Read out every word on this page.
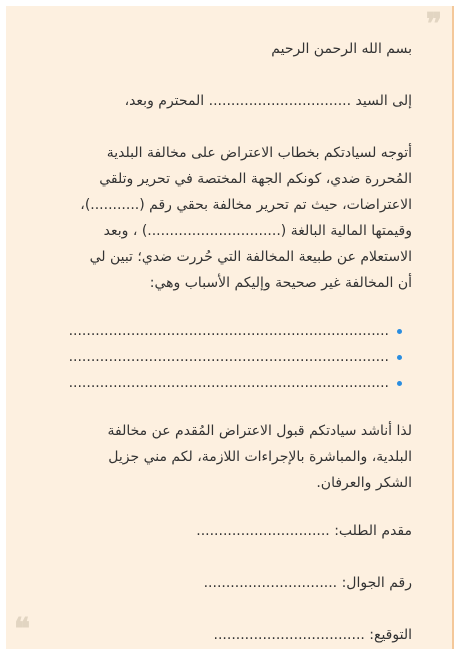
❞
❝
بسم الله الرحمن الرحيم
إلى السيد ................................ المحترم وبعد،
أتوجه لسيادتكم بخطاب الاعتراض على مخالفة البلدية
المُحررة ضدي، كونكم الجهة المختصة في تحرير وتلقي
الاعتراضات، حيث تم تحرير مخالفة بحقي رقم (...........)،
وقيمتها المالية البالغة (..............................) ، وبعد
الاستعلام عن طبيعة المخالفة التي حُررت ضدي؛ تبين لي
أن المخالفة غير صحيحة وإليكم الأسباب وهي:
........................................................................
........................................................................
........................................................................
لذا أناشد سيادتكم قبول الاعتراض المُقدم عن مخالفة
البلدية، والمباشرة بالإجراءات اللازمة، لكم مني جزيل
الشكر والعرفان.
مقدم الطلب: ..............................
رقم الجوال: ..............................
التوقيع: ..................................
